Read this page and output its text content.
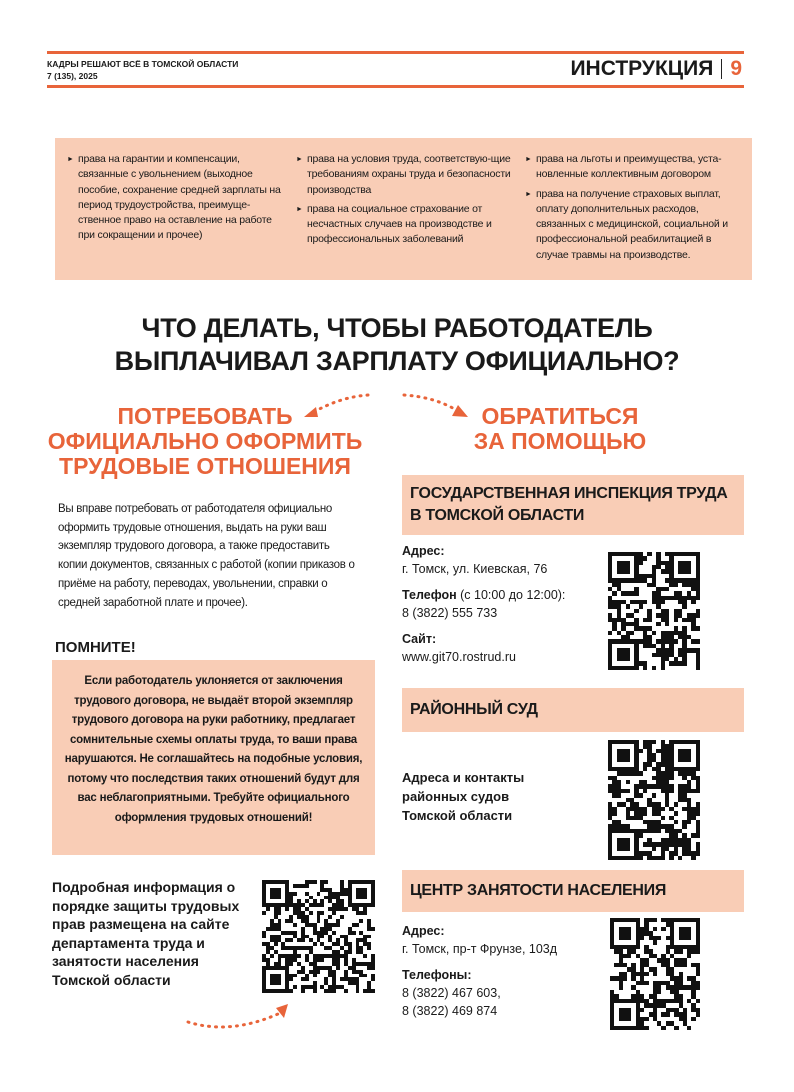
КАДРЫ РЕШАЮТ ВСЁ В ТОМСКОЙ ОБЛАСТИ
7 (135), 2025	ИНСТРУКЦИЯ 9
► права на гарантии и компенсации, связанные с увольнением (выходное пособие, сохранение средней зарплаты на период трудоустройства, преимуще-ственное право на оставление на работе при сокращении и прочее)
► права на условия труда, соответствую-щие требованиям охраны труда и безопасности производства
► права на социальное страхование от несчастных случаев на производстве и профессиональных заболеваний
► права на льготы и преимущества, уста-новленные коллективным договором
► права на получение страховых выплат, оплату дополнительных расходов, связанных с медицинской, социальной и профессиональной реабилитацией в случае травмы на производстве.
ЧТО ДЕЛАТЬ, ЧТОБЫ РАБОТОДАТЕЛЬ
ВЫПЛАЧИВАЛ ЗАРПЛАТУ ОФИЦИАЛЬНО?
ПОТРЕБОВАТЬ
ОФИЦИАЛЬНО ОФОРМИТЬ
ТРУДОВЫЕ ОТНОШЕНИЯ
ОБРАТИТЬСЯ
ЗА ПОМОЩЬЮ
Вы вправе потребовать от работодателя официально оформить трудовые отношения, выдать на руки ваш экземпляр трудового договора, а также предоставить копии документов, связанных с работой (копии приказов о приёме на работу, переводах, увольнении, справки о средней заработной плате и прочее).
ПОМНИТЕ!
Если работодатель уклоняется от заключения трудового договора, не выдаёт второй экземпляр трудового договора на руки работнику, предлагает сомнительные схемы оплаты труда, то ваши права нарушаются. Не соглашайтесь на подобные условия, потому что последствия таких отношений будут для вас неблагоприятными. Требуйте официального оформления трудовых отношений!
Подробная информация о порядке защиты трудовых прав размещена на сайте департамента труда и занятости населения Томской области
ГОСУДАРСТВЕННАЯ ИНСПЕКЦИЯ ТРУДА В ТОМСКОЙ ОБЛАСТИ
Адрес:
г. Томск, ул. Киевская, 76
Телефон (с 10:00 до 12:00):
8 (3822) 555 733
Сайт:
www.git70.rostrud.ru
РАЙОННЫЙ СУД
Адреса и контакты районных судов Томской области
ЦЕНТР ЗАНЯТОСТИ НАСЕЛЕНИЯ
Адрес:
г. Томск, пр-т Фрунзе, 103д
Телефоны:
8 (3822) 467 603,
8 (3822) 469 874
